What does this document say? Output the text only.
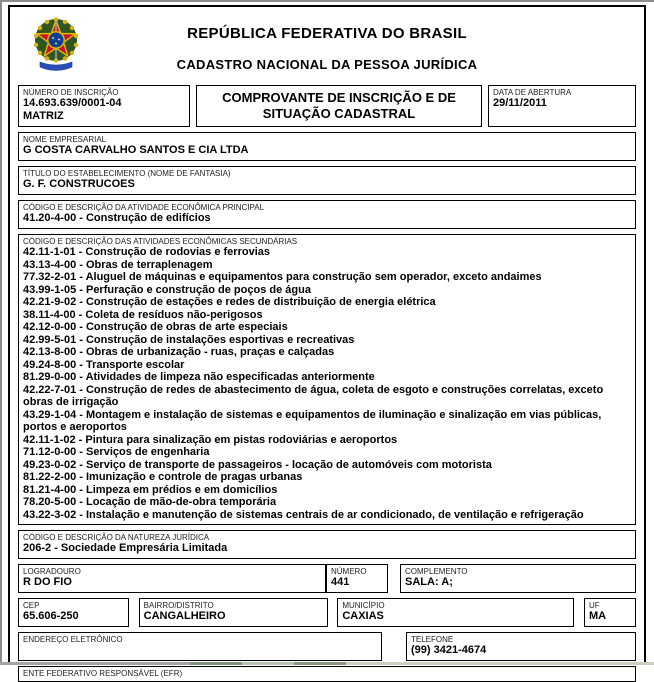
REPÚBLICA FEDERATIVA DO BRASIL
CADASTRO NACIONAL DA PESSOA JURÍDICA
NÚMERO DE INSCRIÇÃO
14.693.639/0001-04
MATRIZ
COMPROVANTE DE INSCRIÇÃO E DE SITUAÇÃO CADASTRAL
DATA DE ABERTURA
29/11/2011
NOME EMPRESARIAL
G COSTA CARVALHO SANTOS E CIA LTDA
TÍTULO DO ESTABELECIMENTO (NOME DE FANTASIA)
G. F. CONSTRUCOES
CÓDIGO E DESCRIÇÃO DA ATIVIDADE ECONÔMICA PRINCIPAL
41.20-4-00 - Construção de edifícios
CÓDIGO E DESCRIÇÃO DAS ATIVIDADES ECONÔMICAS SECUNDÁRIAS
42.11-1-01 - Construção de rodovias e ferrovias
43.13-4-00 - Obras de terraplenagem
77.32-2-01 - Aluguel de máquinas e equipamentos para construção sem operador, exceto andaimes
43.99-1-05 - Perfuração e construção de poços de água
42.21-9-02 - Construção de estações e redes de distribuição de energia elétrica
38.11-4-00 - Coleta de resíduos não-perigosos
42.12-0-00 - Construção de obras de arte especiais
42.99-5-01 - Construção de instalações esportivas e recreativas
42.13-8-00 - Obras de urbanização - ruas, praças e calçadas
49.24-8-00 - Transporte escolar
81.29-0-00 - Atividades de limpeza não especificadas anteriormente
42.22-7-01 - Construção de redes de abastecimento de água, coleta de esgoto e construções correlatas, exceto obras de irrigação
43.29-1-04 - Montagem e instalação de sistemas e equipamentos de iluminação e sinalização em vias públicas, portos e aeroportos
42.11-1-02 - Pintura para sinalização em pistas rodoviárias e aeroportos
71.12-0-00 - Serviços de engenharia
49.23-0-02 - Serviço de transporte de passageiros - locação de automóveis com motorista
81.22-2-00 - Imunização e controle de pragas urbanas
81.21-4-00 - Limpeza em prédios e em domicílios
78.20-5-00 - Locação de mão-de-obra temporária
43.22-3-02 - Instalação e manutenção de sistemas centrais de ar condicionado, de ventilação e refrigeração
CÓDIGO E DESCRIÇÃO DA NATUREZA JURÍDICA
206-2 - Sociedade Empresária Limitada
LOGRADOURO
R DO FIO
NÚMERO
441
COMPLEMENTO
SALA: A;
CEP
65.606-250
BAIRRO/DISTRITO
CANGALHEIRO
MUNICÍPIO
CAXIAS
UF
MA
ENDEREÇO ELETRÔNICO	TELEFONE
(99) 3421-4674
ENTE FEDERATIVO RESPONSÁVEL (EFR)
